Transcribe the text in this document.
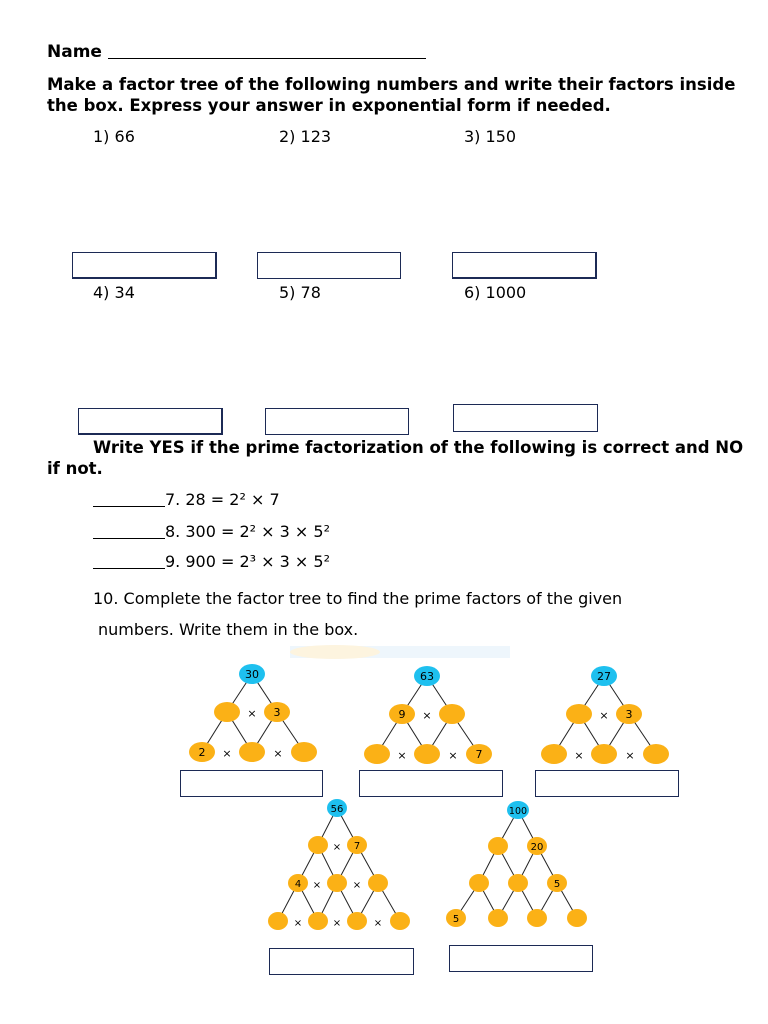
Name
Make a factor tree of the following numbers and write their factors inside the box. Express your answer in exponential form if needed.
1) 66	2) 123	3) 150
4) 34	5) 78	6) 1000
Write YES if the prime factorization of the following is correct and NO if not.
7. 28 = 2² × 7
8. 300 = 2² × 3 × 5²
9. 900 = 2³ × 3 × 5²
10. Complete the factor tree to find the prime factors of the given
numbers. Write them in the box.
30
3
2
×
×	×
63
9
7
×
×	×
27
3
×
×	×
56
7
4
×
×	×
×	×	×
100
20
5
5
